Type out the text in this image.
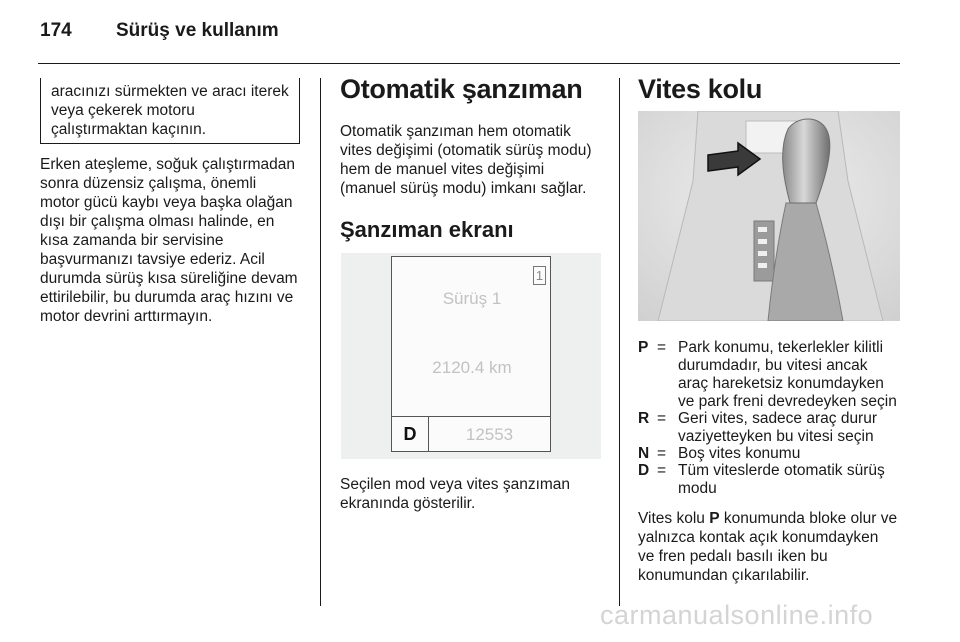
174 Sürüş ve kullanım
aracınızı sürmekten ve aracı iterek
veya çekerek motoru
çalıştırmaktan kaçının.
Erken ateşleme, soğuk çalıştırmadan
sonra düzensiz çalışma, önemli
motor gücü kaybı veya başka olağan
dışı bir çalışma olması halinde, en
kısa zamanda bir servisine
başvurmanızı tavsiye ederiz. Acil
durumda sürüş kısa süreliğine devam
ettirilebilir, bu durumda araç hızını ve
motor devrini arttırmayın.
Otomatik şanzıman
Otomatik şanzıman hem otomatik
vites değişimi (otomatik sürüş modu)
hem de manuel vites değişimi
(manuel sürüş modu) imkanı sağlar.
Şanzıman ekranı
1
Sürüş 1
2120.4 km
D	12553
Seçilen mod veya vites şanzıman
ekranında gösterilir.
Vites kolu
P = Park konumu, tekerlekler kilitli
durumdadır, bu vitesi ancak
araç hareketsiz konumdayken
ve park freni devredeyken seçin
R = Geri vites, sadece araç durur
vaziyetteyken bu vitesi seçin
N = Boş vites konumu
D = Tüm viteslerde otomatik sürüş
modu
Vites kolu P konumunda bloke olur ve
yalnızca kontak açık konumdayken
ve fren pedalı basılı iken bu
konumundan çıkarılabilir.
carmanualsonline.info
